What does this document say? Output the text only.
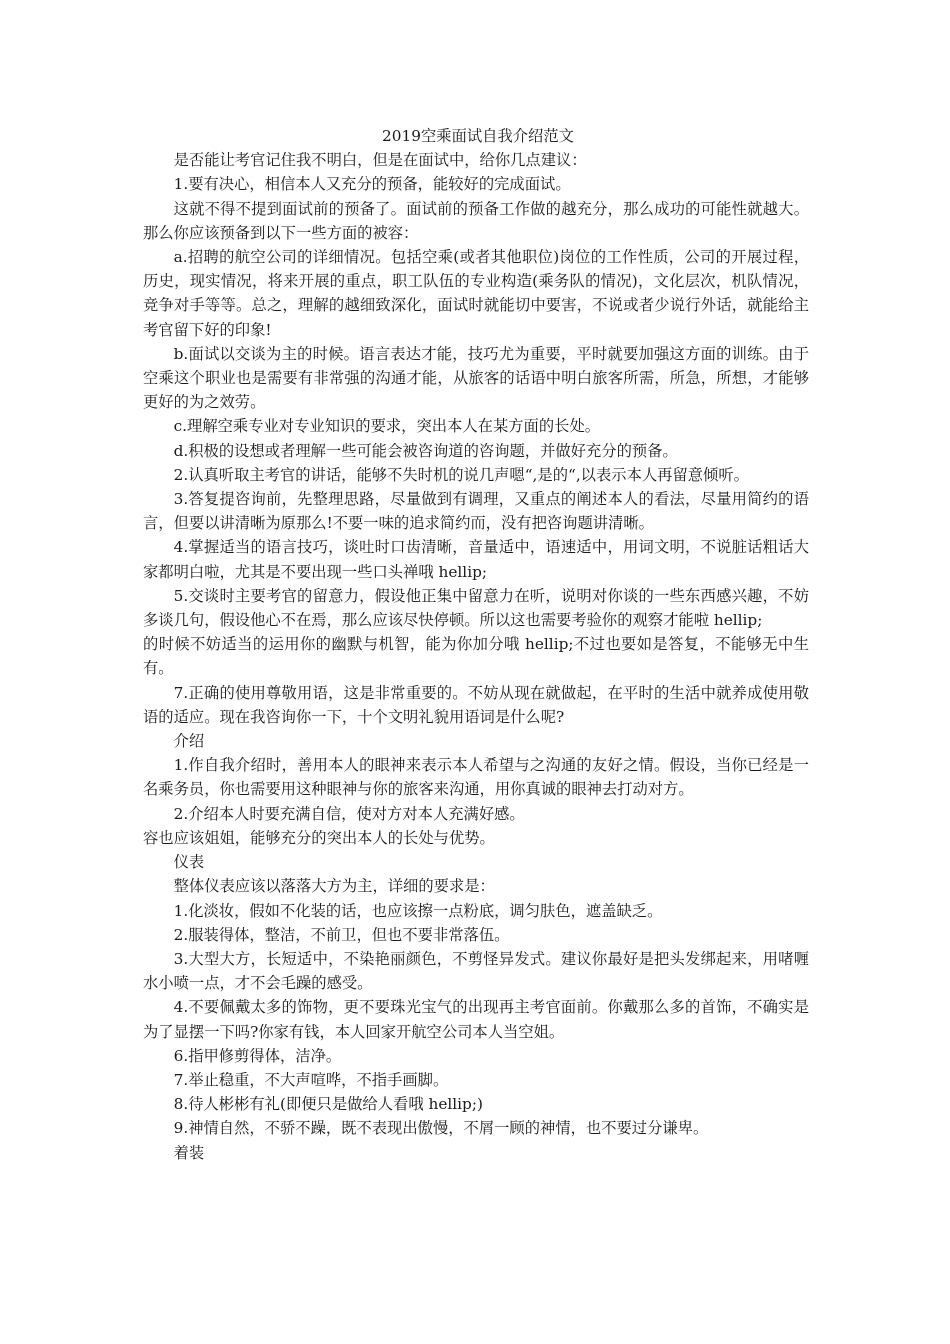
2019空乘面试自我介绍范文

是否能让考官记住我不明白，但是在面试中，给你几点建议：

1.要有决心，相信本人又充分的预备，能较好的完成面试。

这就不得不提到面试前的预备了。面试前的预备工作做的越充分，那么成功的可能性就越大。那么你应该预备到以下一些方面的被容：

a.招聘的航空公司的详细情况。包括空乘(或者其他职位)岗位的工作性质，公司的开展过程，历史，现实情况，将来开展的重点，职工队伍的专业构造(乘务队的情况)，文化层次，机队情况，竞争对手等等。总之，理解的越细致深化，面试时就能切中要害，不说或者少说行外话，就能给主考官留下好的印象!

b.面试以交谈为主的时候。语言表达才能，技巧尤为重要，平时就要加强这方面的训练。由于空乘这个职业也是需要有非常强的沟通才能，从旅客的话语中明白旅客所需，所急，所想，才能够更好的为之效劳。

c.理解空乘专业对专业知识的要求，突出本人在某方面的长处。

d.积极的设想或者理解一些可能会被咨询道的咨询题，并做好充分的预备。

2.认真听取主考官的讲话，能够不失时机的说几声嗯“,是的“,以表示本人再留意倾听。

3.答复提咨询前，先整理思路，尽量做到有调理，又重点的阐述本人的看法，尽量用简约的语言，但要以讲清晰为原那么!不要一味的追求简约而，没有把咨询题讲清晰。

4.掌握适当的语言技巧，谈吐时口齿清晰，音量适中，语速适中，用词文明，不说脏话粗话大家都明白啦，尤其是不要出现一些口头禅哦 hellip;

5.交谈时主要考官的留意力，假设他正集中留意力在听，说明对你谈的一些东西感兴趣，不妨多谈几句，假设他心不在焉，那么应该尽快停顿。所以这也需要考验你的观察才能啦 hellip;

的时候不妨适当的运用你的幽默与机智，能为你加分哦 hellip;不过也要如是答复，不能够无中生有。

7.正确的使用尊敬用语，这是非常重要的。不妨从现在就做起，在平时的生活中就养成使用敬语的适应。现在我咨询你一下，十个文明礼貌用语词是什么呢?

介绍

1.作自我介绍时，善用本人的眼神来表示本人希望与之沟通的友好之情。假设，当你已经是一名乘务员，你也需要用这种眼神与你的旅客来沟通，用你真诚的眼神去打动对方。

2.介绍本人时要充满自信，使对方对本人充满好感。

容也应该姐姐，能够充分的突出本人的长处与优势。

仪表

整体仪表应该以落落大方为主，详细的要求是：

1.化淡妆，假如不化装的话，也应该擦一点粉底，调匀肤色，遮盖缺乏。

2.服装得体，整洁，不前卫，但也不要非常落伍。

3.大型大方，长短适中，不染艳丽颜色，不剪怪异发式。建议你最好是把头发绑起来，用啫喱水小喷一点，才不会毛躁的感受。

4.不要佩戴太多的饰物，更不要珠光宝气的出现再主考官面前。你戴那么多的首饰，不确实是为了显摆一下吗?你家有钱，本人回家开航空公司本人当空姐。

6.指甲修剪得体，洁净。

7.举止稳重，不大声喧哗，不指手画脚。

8.待人彬彬有礼(即便只是做给人看哦 hellip;)

9.神情自然，不骄不躁，既不表现出傲慢，不屑一顾的神情，也不要过分谦卑。

着装
